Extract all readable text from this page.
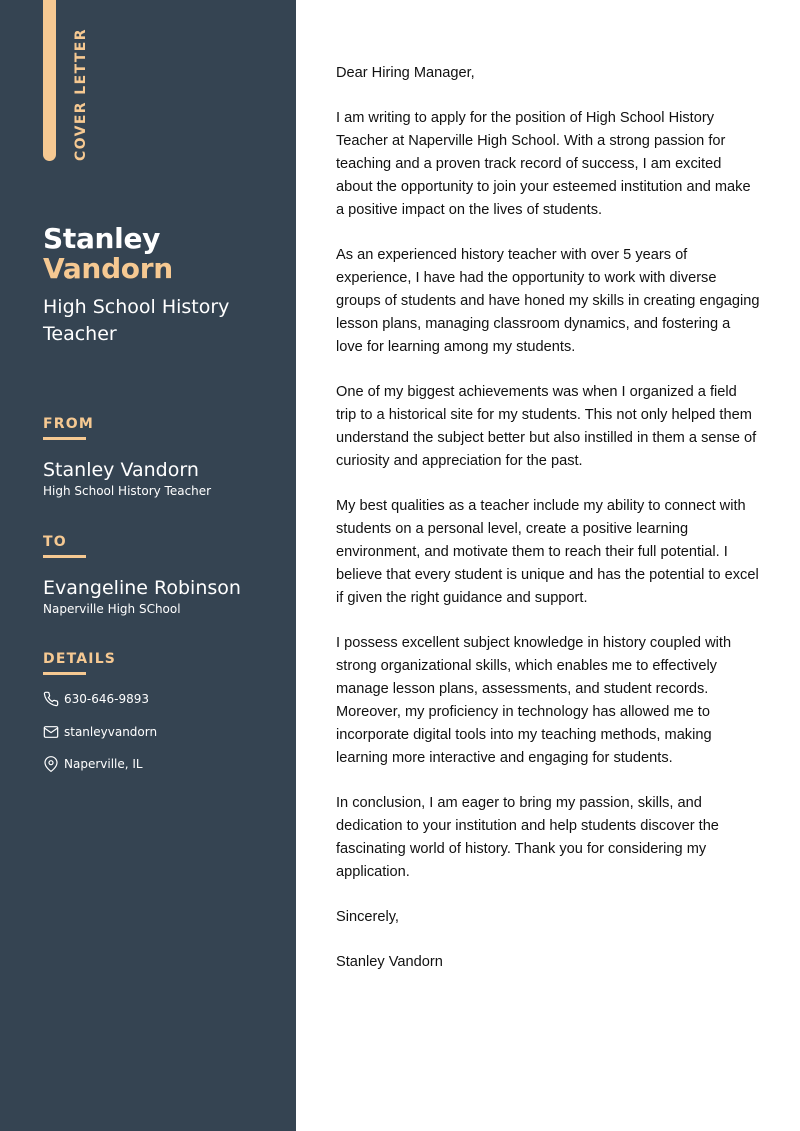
COVER LETTER
Stanley
Vandorn
High School History Teacher
FROM
Stanley Vandorn
High School History Teacher
TO
Evangeline Robinson
Naperville High SChool
DETAILS
630-646-9893
stanleyvandorn
Naperville, IL

Dear Hiring Manager,

I am writing to apply for the position of High School History Teacher at Naperville High School. With a strong passion for teaching and a proven track record of success, I am excited about the opportunity to join your esteemed institution and make a positive impact on the lives of students.

As an experienced history teacher with over 5 years of experience, I have had the opportunity to work with diverse groups of students and have honed my skills in creating engaging lesson plans, managing classroom dynamics, and fostering a love for learning among my students.

One of my biggest achievements was when I organized a field trip to a historical site for my students. This not only helped them understand the subject better but also instilled in them a sense of curiosity and appreciation for the past.

My best qualities as a teacher include my ability to connect with students on a personal level, create a positive learning environment, and motivate them to reach their full potential. I believe that every student is unique and has the potential to excel if given the right guidance and support.

I possess excellent subject knowledge in history coupled with strong organizational skills, which enables me to effectively manage lesson plans, assessments, and student records. Moreover, my proficiency in technology has allowed me to incorporate digital tools into my teaching methods, making learning more interactive and engaging for students.

In conclusion, I am eager to bring my passion, skills, and dedication to your institution and help students discover the fascinating world of history. Thank you for considering my application.

Sincerely,

Stanley Vandorn
